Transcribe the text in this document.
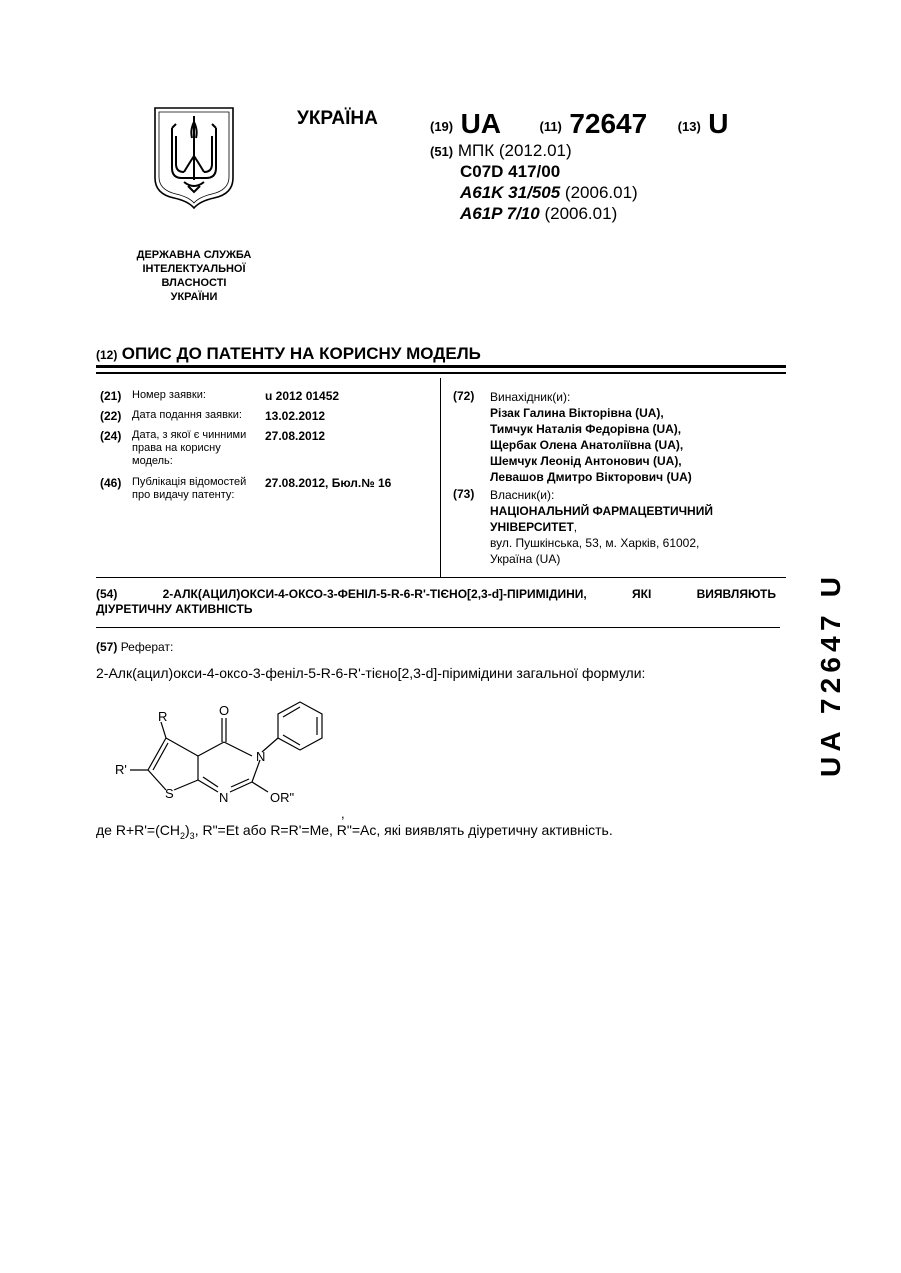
ДЕРЖАВНА СЛУЖБА
ІНТЕЛЕКТУАЛЬНОЇ
ВЛАСНОСТІ
УКРАЇНИ
УКРАЇНА	(19) UA	(11) 72647 (13) U
(51) МПК (2012.01)
C07D 417/00
A61K 31/505 (2006.01)
A61P 7/10 (2006.01)
(12) ОПИС ДО ПАТЕНТУ НА КОРИСНУ МОДЕЛЬ
(21) Номер заявки:	u 2012 01452
(22) Дата подання заявки:	13.02.2012
(24) Дата, з якої є чинними права на корисну модель:
27.08.2012
(46) Публікація відомостей про видачу патенту:
27.08.2012, Бюл.№ 16
(72) Винахідник(и):
Різак Галина Вікторівна (UA),
Тимчук Наталія Федорівна (UA),
Щербак Олена Анатоліївна (UA),
Шемчук Леонід Антонович (UA),
Левашов Дмитро Вікторович (UA)
(73) Власник(и):
НАЦІОНАЛЬНИЙ ФАРМАЦЕВТИЧНИЙ
УНІВЕРСИТЕТ,
вул. Пушкінська, 53, м. Харків, 61002,
Україна (UA)
(54)	2-АЛК(АЦИЛ)ОКСИ-4-ОКСО-3-ФЕНІЛ-5-R-6-R'-ТІЄНО[2,3-d]-ПІРИМІДИНИ,	ЯКІ	ВИЯВЛЯЮТЬ
ДІУРЕТИЧНУ АКТИВНІСТЬ
(57) Реферат:
2-Алк(ацил)окси-4-оксо-3-феніл-5-R-6-R'-тієно[2,3-d]-піримідини загальної формули:
R	O
N
R'
S	N	OR"
,
де $R+R'=(CH_2)_3$, R"=Et або R=R'=Me, R"=Ac, які виявлять діуретичну активність.
UA 72647 U
